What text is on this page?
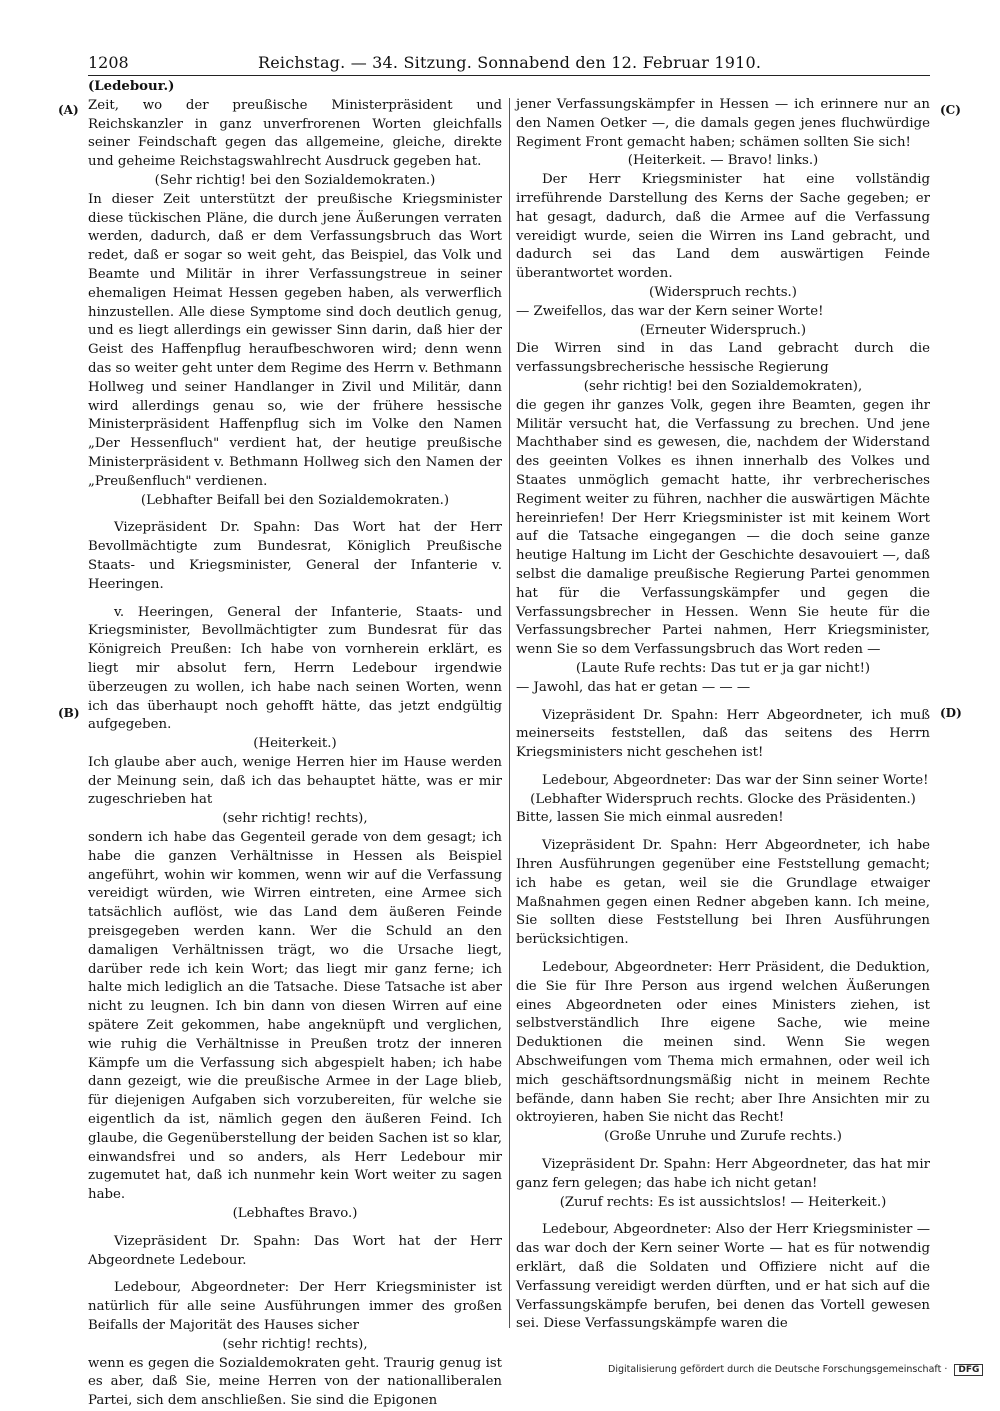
1208	Reichstag. — 34. Sitzung. Sonnabend den 12. Februar 1910.
(A)
(B)
(C)
(D)

(Ledebour.)

Zeit, wo der preußische Ministerpräsident und Reichskanzler in ganz unverfrorenen Worten gleichfalls seiner Feindschaft gegen das allgemeine, gleiche, direkte und geheime Reichstagswahlrecht Ausdruck gegeben hat.

(Sehr richtig! bei den Sozialdemokraten.)

In dieser Zeit unterstützt der preußische Kriegsminister diese tückischen Pläne, die durch jene Äußerungen verraten werden, dadurch, daß er dem Verfassungsbruch das Wort redet, daß er sogar so weit geht, das Beispiel, das Volk und Beamte und Militär in ihrer Verfassungstreue in seiner ehemaligen Heimat Hessen gegeben haben, als verwerflich hinzustellen. Alle diese Symptome sind doch deutlich genug, und es liegt allerdings ein gewisser Sinn darin, daß hier der Geist des Haffenpflug heraufbeschworen wird; denn wenn das so weiter geht unter dem Regime des Herrn v. Bethmann Hollweg und seiner Handlanger in Zivil und Militär, dann wird allerdings genau so, wie der frühere hessische Ministerpräsident Haffenpflug sich im Volke den Namen „Der Hessenfluch" verdient hat, der heutige preußische Ministerpräsident v. Bethmann Hollweg sich den Namen der „Preußenfluch" verdienen.

(Lebhafter Beifall bei den Sozialdemokraten.)

Vizepräsident Dr. Spahn: Das Wort hat der Herr Bevollmächtigte zum Bundesrat, Königlich Preußische Staats- und Kriegsminister, General der Infanterie v. Heeringen.

v. Heeringen, General der Infanterie, Staats- und Kriegsminister, Bevollmächtigter zum Bundesrat für das Königreich Preußen: Ich habe von vornherein erklärt, es liegt mir absolut fern, Herrn Ledebour irgendwie überzeugen zu wollen, ich habe nach seinen Worten, wenn ich das überhaupt noch gehofft hätte, das jetzt endgültig aufgegeben.

(Heiterkeit.)

Ich glaube aber auch, wenige Herren hier im Hause werden der Meinung sein, daß ich das behauptet hätte, was er mir zugeschrieben hat

(sehr richtig! rechts),

sondern ich habe das Gegenteil gerade von dem gesagt; ich habe die ganzen Verhältnisse in Hessen als Beispiel angeführt, wohin wir kommen, wenn wir auf die Verfassung vereidigt würden, wie Wirren eintreten, eine Armee sich tatsächlich auflöst, wie das Land dem äußeren Feinde preisgegeben werden kann. Wer die Schuld an den damaligen Verhältnissen trägt, wo die Ursache liegt, darüber rede ich kein Wort; das liegt mir ganz ferne; ich halte mich lediglich an die Tatsache. Diese Tatsache ist aber nicht zu leugnen. Ich bin dann von diesen Wirren auf eine spätere Zeit gekommen, habe angeknüpft und verglichen, wie ruhig die Verhältnisse in Preußen trotz der inneren Kämpfe um die Verfassung sich abgespielt haben; ich habe dann gezeigt, wie die preußische Armee in der Lage blieb, für diejenigen Aufgaben sich vorzubereiten, für welche sie eigentlich da ist, nämlich gegen den äußeren Feind. Ich glaube, die Gegenüberstellung der beiden Sachen ist so klar, einwandsfrei und so anders, als Herr Ledebour mir zugemutet hat, daß ich nunmehr kein Wort weiter zu sagen habe.

(Lebhaftes Bravo.)

Vizepräsident Dr. Spahn: Das Wort hat der Herr Abgeordnete Ledebour.

Ledebour, Abgeordneter: Der Herr Kriegsminister ist natürlich für alle seine Ausführungen immer des großen Beifalls der Majorität des Hauses sicher

(sehr richtig! rechts),

wenn es gegen die Sozialdemokraten geht. Traurig genug ist es aber, daß Sie, meine Herren von der nationalliberalen Partei, sich dem anschließen. Sie sind die Epigonen

jener Verfassungskämpfer in Hessen — ich erinnere nur an den Namen Oetker —, die damals gegen jenes fluchwürdige Regiment Front gemacht haben; schämen sollten Sie sich!

(Heiterkeit. — Bravo! links.)

Der Herr Kriegsminister hat eine vollständig irreführende Darstellung des Kerns der Sache gegeben; er hat gesagt, dadurch, daß die Armee auf die Verfassung vereidigt wurde, seien die Wirren ins Land gebracht, und dadurch sei das Land dem auswärtigen Feinde überantwortet worden.

(Widerspruch rechts.)

— Zweifellos, das war der Kern seiner Worte!

(Erneuter Widerspruch.)

Die Wirren sind in das Land gebracht durch die verfassungsbrecherische hessische Regierung

(sehr richtig! bei den Sozialdemokraten),

die gegen ihr ganzes Volk, gegen ihre Beamten, gegen ihr Militär versucht hat, die Verfassung zu brechen. Und jene Machthaber sind es gewesen, die, nachdem der Widerstand des geeinten Volkes es ihnen innerhalb des Volkes und Staates unmöglich gemacht hatte, ihr verbrecherisches Regiment weiter zu führen, nachher die auswärtigen Mächte hereinriefen! Der Herr Kriegsminister ist mit keinem Wort auf die Tatsache eingegangen — die doch seine ganze heutige Haltung im Licht der Geschichte desavouiert —, daß selbst die damalige preußische Regierung Partei genommen hat für die Verfassungskämpfer und gegen die Verfassungsbrecher in Hessen. Wenn Sie heute für die Verfassungsbrecher Partei nahmen, Herr Kriegsminister, wenn Sie so dem Verfassungsbruch das Wort reden —

(Laute Rufe rechts: Das tut er ja gar nicht!)

— Jawohl, das hat er getan — — —

Vizepräsident Dr. Spahn: Herr Abgeordneter, ich muß meinerseits feststellen, daß das seitens des Herrn Kriegsministers nicht geschehen ist!

Ledebour, Abgeordneter: Das war der Sinn seiner Worte!

(Lebhafter Widerspruch rechts. Glocke des Präsidenten.)

Bitte, lassen Sie mich einmal ausreden!

Vizepräsident Dr. Spahn: Herr Abgeordneter, ich habe Ihren Ausführungen gegenüber eine Feststellung gemacht; ich habe es getan, weil sie die Grundlage etwaiger Maßnahmen gegen einen Redner abgeben kann. Ich meine, Sie sollten diese Feststellung bei Ihren Ausführungen berücksichtigen.

Ledebour, Abgeordneter: Herr Präsident, die Deduktion, die Sie für Ihre Person aus irgend welchen Äußerungen eines Abgeordneten oder eines Ministers ziehen, ist selbstverständlich Ihre eigene Sache, wie meine Deduktionen die meinen sind. Wenn Sie wegen Abschweifungen vom Thema mich ermahnen, oder weil ich mich geschäftsordnungsmäßig nicht in meinem Rechte befände, dann haben Sie recht; aber Ihre Ansichten mir zu oktroyieren, haben Sie nicht das Recht!

(Große Unruhe und Zurufe rechts.)

Vizepräsident Dr. Spahn: Herr Abgeordneter, das hat mir ganz fern gelegen; das habe ich nicht getan!

(Zuruf rechts: Es ist aussichtslos! — Heiterkeit.)

Ledebour, Abgeordneter: Also der Herr Kriegsminister — das war doch der Kern seiner Worte — hat es für notwendig erklärt, daß die Soldaten und Offiziere nicht auf die Verfassung vereidigt werden dürften, und er hat sich auf die Verfassungskämpfe berufen, bei denen das Vortell gewesen sei. Diese Verfassungskämpfe waren die

Digitalisierung gefördert durch die Deutsche Forschungsgemeinschaft · DFG
